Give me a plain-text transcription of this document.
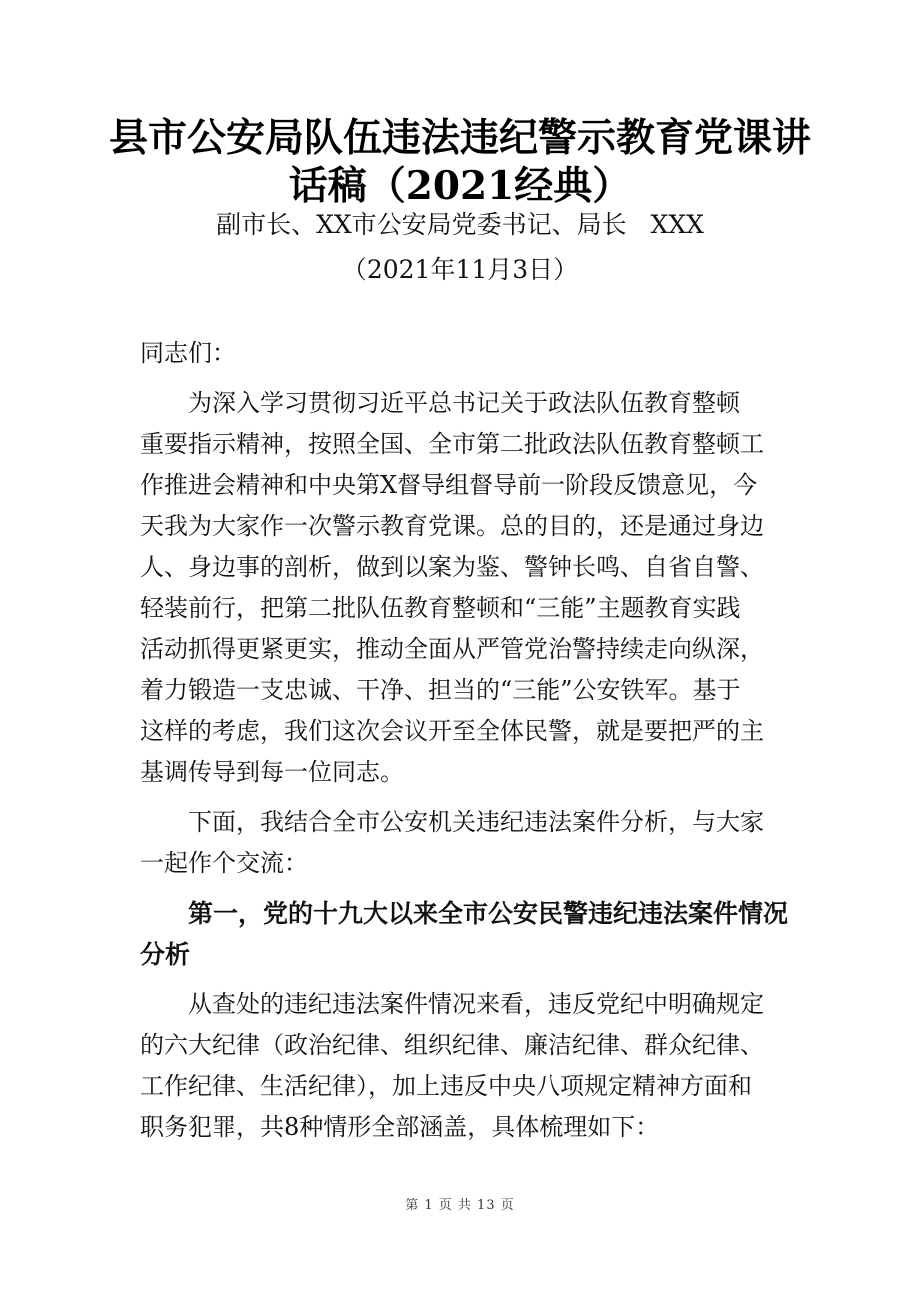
县市公安局队伍违法违纪警示教育党课讲
话稿（2021经典）
副市长、XX市公安局党委书记、局长   XXX
（2021年11月3日）
同志们：
为深入学习贯彻习近平总书记关于政法队伍教育整顿
重要指示精神，按照全国、全市第二批政法队伍教育整顿工
作推进会精神和中央第X督导组督导前一阶段反馈意见，今
天我为大家作一次警示教育党课。总的目的，还是通过身边
人、身边事的剖析，做到以案为鉴、警钟长鸣、自省自警、
轻装前行，把第二批队伍教育整顿和“三能”主题教育实践
活动抓得更紧更实，推动全面从严管党治警持续走向纵深，
着力锻造一支忠诚、干净、担当的“三能”公安铁军。基于
这样的考虑，我们这次会议开至全体民警，就是要把严的主
基调传导到每一位同志。
下面，我结合全市公安机关违纪违法案件分析，与大家
一起作个交流：
第一，党的十九大以来全市公安民警违纪违法案件情况
分析
从查处的违纪违法案件情况来看，违反党纪中明确规定
的六大纪律（政治纪律、组织纪律、廉洁纪律、群众纪律、
工作纪律、生活纪律），加上违反中央八项规定精神方面和
职务犯罪，共8种情形全部涵盖，具体梳理如下：
第 1 页 共 13 页
